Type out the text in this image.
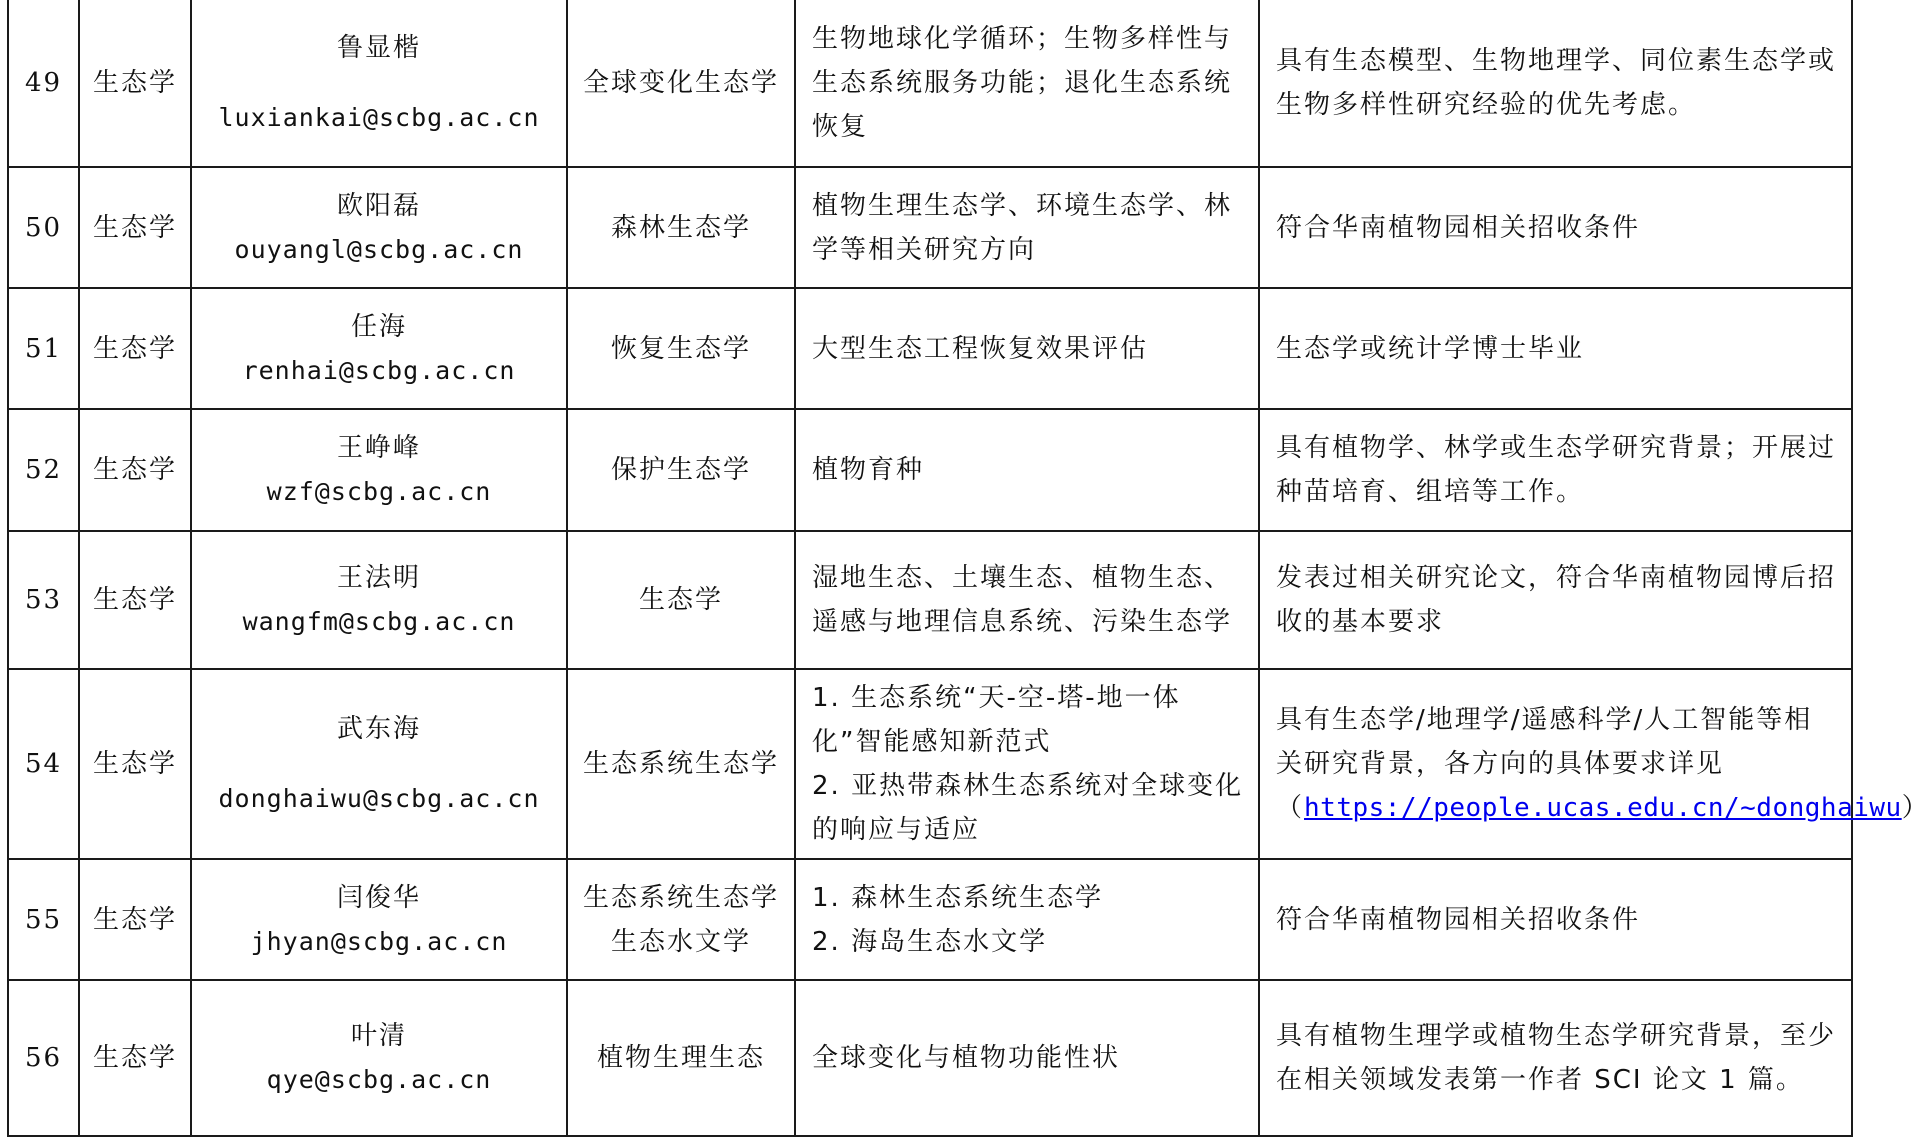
49	生态学	鲁显楷
luxiankai@scbg.ac.cn	全球变化生态学	生物地球化学循环；生物多样性与生态系统服务功能；退化生态系统恢复	具有生态模型、生物地理学、同位素生态学或生物多样性研究经验的优先考虑。

50	生态学	欧阳磊
ouyangl@scbg.ac.cn	森林生态学	植物生理生态学、环境生态学、林学等相关研究方向	符合华南植物园相关招收条件

51	生态学	任海
renhai@scbg.ac.cn	恢复生态学	大型生态工程恢复效果评估	生态学或统计学博士毕业

52	生态学	王峥峰
wzf@scbg.ac.cn	保护生态学	植物育种	具有植物学、林学或生态学研究背景；开展过种苗培育、组培等工作。

53	生态学	王法明
wangfm@scbg.ac.cn	生态学	湿地生态、土壤生态、植物生态、遥感与地理信息系统、污染生态学	发表过相关研究论文，符合华南植物园博后招收的基本要求

54	生态学	武东海
donghaiwu@scbg.ac.cn	生态系统生态学	1. 生态系统“天-空-塔-地一体化”智能感知新范式
2. 亚热带森林生态系统对全球变化的响应与适应	具有生态学/地理学/遥感科学/人工智能等相关研究背景，各方向的具体要求详见（https://people.ucas.edu.cn/~donghaiwu）
55	生态学	闫俊华
jhyan@scbg.ac.cn	生态系统生态学
生态水文学	1. 森林生态系统生态学
2. 海岛生态水文学	符合华南植物园相关招收条件

56	生态学	叶清
qye@scbg.ac.cn	植物生理生态	全球变化与植物功能性状	具有植物生理学或植物生态学研究背景，至少在相关领域发表第一作者 SCI 论文 1 篇。
